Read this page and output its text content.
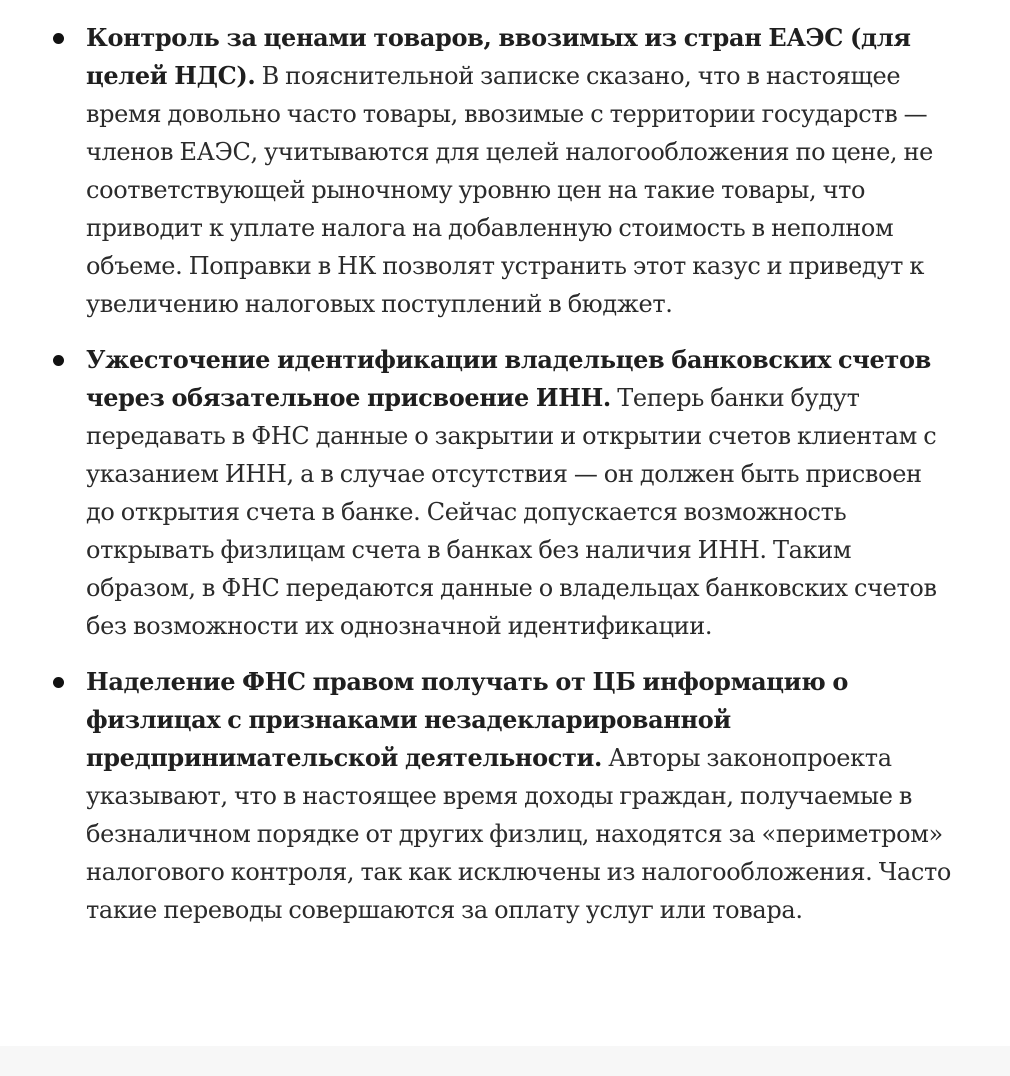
Контроль за ценами товаров, ввозимых из стран ЕАЭС (для целей НДС). В пояснительной записке сказано, что в настоящее время довольно часто товары, ввозимые с территории государств — членов ЕАЭС, учитываются для целей налогообложения по цене, не соответствующей рыночному уровню цен на такие товары, что приводит к уплате налога на добавленную стоимость в неполном объеме. Поправки в НК позволят устранить этот казус и приведут к увеличению налоговых поступлений в бюджет.
Ужесточение идентификации владельцев банковских счетов через обязательное присвоение ИНН. Теперь банки будут передавать в ФНС данные о закрытии и открытии счетов клиентам с указанием ИНН, а в случае отсутствия — он должен быть присвоен до открытия счета в банке. Сейчас допускается возможность открывать физлицам счета в банках без наличия ИНН. Таким образом, в ФНС передаются данные о владельцах банковских счетов без возможности их однозначной идентификации.
Наделение ФНС правом получать от ЦБ информацию о физлицах с признаками незадекларированной предпринимательской деятельности. Авторы законопроекта указывают, что в настоящее время доходы граждан, получаемые в безналичном порядке от других физлиц, находятся за «периметром» налогового контроля, так как исключены из налогообложения. Часто такие переводы совершаются за оплату услуг или товара.
